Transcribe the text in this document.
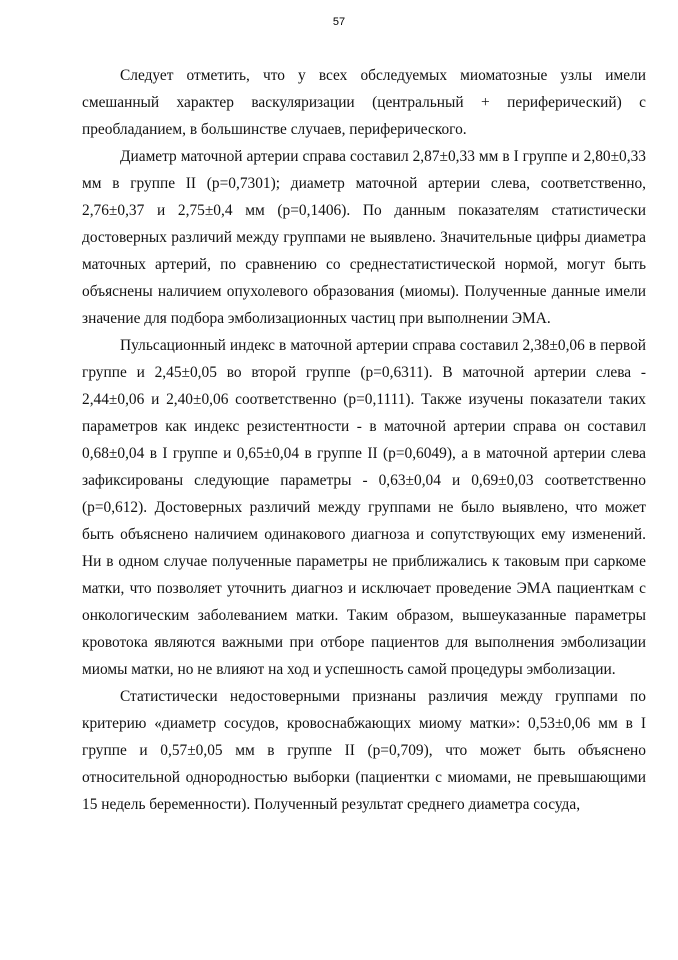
57

Следует отметить, что у всех обследуемых миоматозные узлы имели смешанный характер васкуляризации (центральный + периферический) с преобладанием, в большинстве случаев, периферического.

Диаметр маточной артерии справа составил 2,87±0,33 мм в I группе и 2,80±0,33 мм в группе II (р=0,7301); диаметр маточной артерии слева, соответственно, 2,76±0,37 и 2,75±0,4 мм (р=0,1406). По данным показателям статистически достоверных различий между группами не выявлено. Значительные цифры диаметра маточных артерий, по сравнению со среднестатистической нормой, могут быть объяснены наличием опухолевого образования (миомы). Полученные данные имели значение для подбора эмболизационных частиц при выполнении ЭМА.

Пульсационный индекс в маточной артерии справа составил 2,38±0,06 в первой группе и 2,45±0,05 во второй группе (р=0,6311). В маточной артерии слева - 2,44±0,06 и 2,40±0,06 соответственно (р=0,1111). Также изучены показатели таких параметров как индекс резистентности - в маточной артерии справа он составил 0,68±0,04 в I группе и 0,65±0,04 в группе II (р=0,6049), а в маточной артерии слева зафиксированы следующие параметры - 0,63±0,04 и 0,69±0,03 соответственно (р=0,612). Достоверных различий между группами не было выявлено, что может быть объяснено наличием одинакового диагноза и сопутствующих ему изменений. Ни в одном случае полученные параметры не приближались к таковым при саркоме матки, что позволяет уточнить диагноз и исключает проведение ЭМА пациенткам с онкологическим заболеванием матки. Таким образом, вышеуказанные параметры кровотока являются важными при отборе пациентов для выполнения эмболизации миомы матки, но не влияют на ход и успешность самой процедуры эмболизации.

Статистически недостоверными признаны различия между группами по критерию «диаметр сосудов, кровоснабжающих миому матки»: 0,53±0,06 мм в I группе и 0,57±0,05 мм в группе II (р=0,709), что может быть объяснено относительной однородностью выборки (пациентки с миомами, не превышающими 15 недель беременности). Полученный результат среднего диаметра сосуда,
